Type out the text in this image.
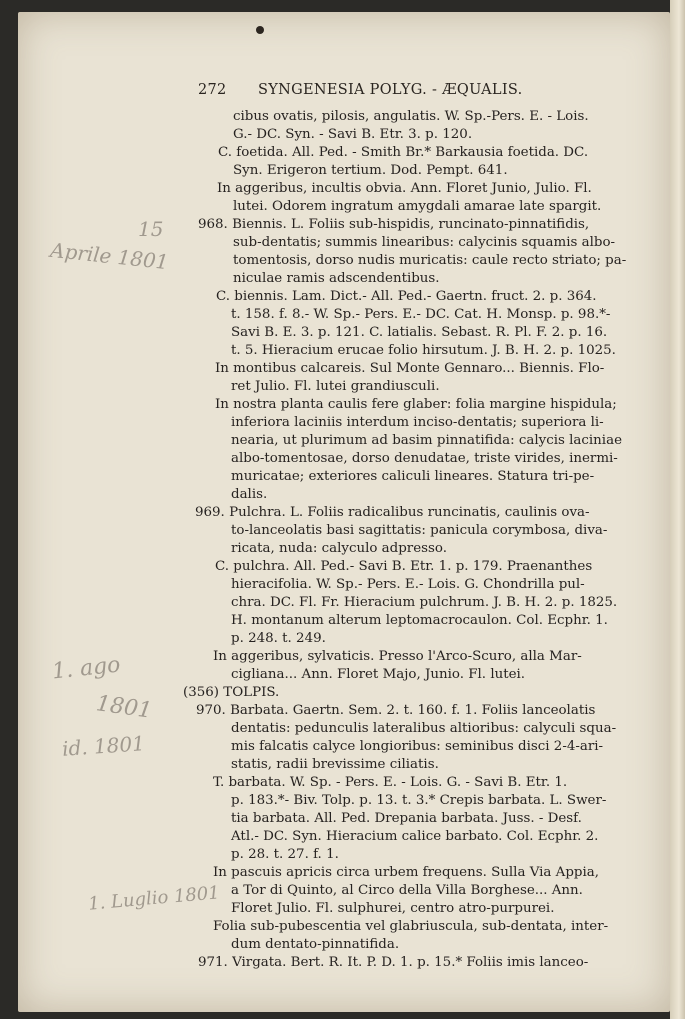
272 SYNGENESIA POLYG. - ÆQUALIS.
cibus ovatis, pilosis, angulatis. W. Sp.-Pers. E. - Lois.
G.- DC. Syn. - Savi B. Etr. 3. p. 120.
C. foetida. All. Ped. - Smith Br.* Barkausia foetida. DC.
Syn. Erigeron tertium. Dod. Pempt. 641.
In aggeribus, incultis obvia. Ann. Floret Junio, Julio. Fl.
lutei. Odorem ingratum amygdali amarae late spargit.
968. Biennis. L. Foliis sub-hispidis, runcinato-pinnatifidis,
sub-dentatis; summis linearibus: calycinis squamis albo-
tomentosis, dorso nudis muricatis: caule recto striato; pa-
niculae ramis adscendentibus.
C. biennis. Lam. Dict.- All. Ped.- Gaertn. fruct. 2. p. 364.
t. 158. f. 8.- W. Sp.- Pers. E.- DC. Cat. H. Monsp. p. 98.*-
Savi B. E. 3. p. 121. C. latialis. Sebast. R. Pl. F. 2. p. 16.
t. 5. Hieracium erucae folio hirsutum. J. B. H. 2. p. 1025.
In montibus calcareis. Sul Monte Gennaro... Biennis. Flo-
ret Julio. Fl. lutei grandiusculi.
In nostra planta caulis fere glaber: folia margine hispidula;
inferiora laciniis interdum inciso-dentatis; superiora li-
nearia, ut plurimum ad basim pinnatifida: calycis laciniae
albo-tomentosae, dorso denudatae, triste virides, inermi-
muricatae; exteriores caliculi lineares. Statura tri-pe-
dalis.
969. Pulchra. L. Foliis radicalibus runcinatis, caulinis ova-
to-lanceolatis basi sagittatis: panicula corymbosa, diva-
ricata, nuda: calyculo adpresso.
C. pulchra. All. Ped.- Savi B. Etr. 1. p. 179. Praenanthes
hieracifolia. W. Sp.- Pers. E.- Lois. G. Chondrilla pul-
chra. DC. Fl. Fr. Hieracium pulchrum. J. B. H. 2. p. 1825.
H. montanum alterum leptomacrocaulon. Col. Ecphr. 1.
p. 248. t. 249.
In aggeribus, sylvaticis. Presso l'Arco-Scuro, alla Mar-
cigliana... Ann. Floret Majo, Junio. Fl. lutei.
(356) TOLPIS.
970. Barbata. Gaertn. Sem. 2. t. 160. f. 1. Foliis lanceolatis
dentatis: pedunculis lateralibus altioribus: calyculi squa-
mis falcatis calyce longioribus: seminibus disci 2-4-ari-
statis, radii brevissime ciliatis.
T. barbata. W. Sp. - Pers. E. - Lois. G. - Savi B. Etr. 1.
p. 183.*- Biv. Tolp. p. 13. t. 3.* Crepis barbata. L. Swer-
tia barbata. All. Ped. Drepania barbata. Juss. - Desf.
Atl.- DC. Syn. Hieracium calice barbato. Col. Ecphr. 2.
p. 28. t. 27. f. 1.
In pascuis apricis circa urbem frequens. Sulla Via Appia,
a Tor di Quinto, al Circo della Villa Borghese... Ann.
Floret Julio. Fl. sulphurei, centro atro-purpurei.
Folia sub-pubescentia vel glabriuscula, sub-dentata, inter-
dum dentato-pinnatifida.
971. Virgata. Bert. R. It. P. D. 1. p. 15.* Foliis imis lanceo-
15
Aprile 1801
1. ago
1801
id. 1801
1. Luglio 1801
